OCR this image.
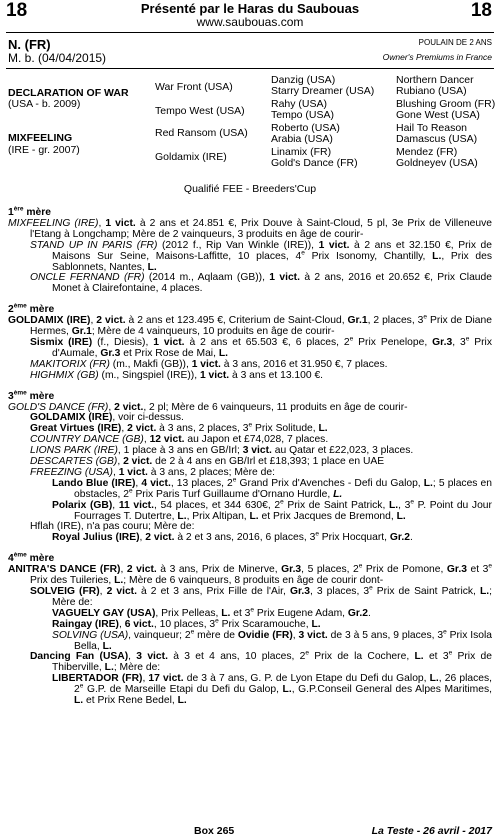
18	Présenté par le Haras du Saubouas
www.saubouas.com
18
N. (FR)
M. b. (04/04/2015)
POULAIN DE 2 ANS
Owner's Premiums in France
DECLARATION OF WAR
(USA - b. 2009)
MIXFEELING
(IRE - gr. 2007)
War Front (USA)
Tempo West (USA)
Red Ransom (USA)
Goldamix (IRE)
Danzig (USA)
Starry Dreamer (USA)
Rahy (USA)
Tempo (USA)
Roberto (USA)
Arabia (USA)
Linamix (FR)
Gold's Dance (FR)
Northern Dancer
Rubiano (USA)
Blushing Groom (FR)
Gone West (USA)
Hail To Reason
Damascus (USA)
Mendez (FR)
Goldneyev (USA)
Qualifié FEE - Breeders'Cup
1ère mère

MIXFEELING (IRE), 1 vict. à 2 ans et 24.851 €, Prix Douve à Saint-Cloud, 5 pl, 3e Prix de Villeneuve l'Etang à Longchamp; Mère de 2 vainqueurs, 3 produits en âge de courir-

STAND UP IN PARIS (FR) (2012 f., Rip Van Winkle (IRE)), 1 vict. à 2 ans et 32.150 €, Prix de Maisons Sur Seine, Maisons-Laffitte, 10 places, 4e Prix Isonomy, Chantilly, L., Prix des Sablonnets, Nantes, L.

ONCLE FERNAND (FR) (2014 m., Aqlaam (GB)), 1 vict. à 2 ans, 2016 et 20.652 €, Prix Claude Monet à Clairefontaine, 4 places.

2ème mère

GOLDAMIX (IRE), 2 vict. à 2 ans et 123.495 €, Criterium de Saint-Cloud, Gr.1, 2 places, 3e Prix de Diane Hermes, Gr.1; Mère de 4 vainqueurs, 10 produits en âge de courir-

Sismix (IRE) (f., Diesis), 1 vict. à 2 ans et 65.503 €, 6 places, 2e Prix Penelope, Gr.3, 3e Prix d'Aumale, Gr.3 et Prix Rose de Mai, L.

MAKITORIX (FR) (m., Makfi (GB)), 1 vict. à 3 ans, 2016 et 31.950 €, 7 places.

HIGHMIX (GB) (m., Singspiel (IRE)), 1 vict. à 3 ans et 13.100 €.

3ème mère

GOLD'S DANCE (FR), 2 vict., 2 pl; Mère de 6 vainqueurs, 11 produits en âge de courir-

GOLDAMIX (IRE), voir ci-dessus.

Great Virtues (IRE), 2 vict. à 3 ans, 2 places, 3e Prix Solitude, L.

COUNTRY DANCE (GB), 12 vict. au Japon et £74,028, 7 places.

LIONS PARK (IRE), 1 place à 3 ans en GB/Irl; 3 vict. au Qatar et £22,023, 3 places.

DESCARTES (GB), 2 vict. de 2 à 4 ans en GB/Irl et £18,393; 1 place en UAE

FREEZING (USA), 1 vict. à 3 ans, 2 places; Mère de:

Lando Blue (IRE), 4 vict., 13 places, 2e Grand Prix d'Avenches - Defi du Galop, L.; 5 places en obstacles, 2e Prix Paris Turf Guillaume d'Ornano Hurdle, L.

Polarix (GB), 11 vict., 54 places, et 344 630€, 2e Prix de Saint Patrick, L., 3e P. Point du Jour Fourrages T. Dutertre, L., Prix Altipan, L. et Prix Jacques de Bremond, L.

Hflah (IRE), n'a pas couru; Mère de:

Royal Julius (IRE), 2 vict. à 2 et 3 ans, 2016, 6 places, 3e Prix Hocquart, Gr.2.

4ème mère

ANITRA'S DANCE (FR), 2 vict. à 3 ans, Prix de Minerve, Gr.3, 5 places, 2e Prix de Pomone, Gr.3 et 3e Prix des Tuileries, L.; Mère de 6 vainqueurs, 8 produits en âge de courir dont-

SOLVEIG (FR), 2 vict. à 2 et 3 ans, Prix Fille de l'Air, Gr.3, 3 places, 3e Prix de Saint Patrick, L.; Mère de:

VAGUELY GAY (USA), Prix Pelleas, L. et 3e Prix Eugene Adam, Gr.2.

Raingay (IRE), 6 vict., 10 places, 3e Prix Scaramouche, L.

SOLVING (USA), vainqueur; 2e mère de Ovidie (FR), 3 vict. de 3 à 5 ans, 9 places, 3e Prix Isola Bella, L.

Dancing Fan (USA), 3 vict. à 3 et 4 ans, 10 places, 2e Prix de la Cochere, L. et 3e Prix de Thiberville, L.; Mère de:

LIBERTADOR (FR), 17 vict. de 3 à 7 ans, G. P. de Lyon Etape du Defi du Galop, L., 26 places, 2e G.P. de Marseille Etapi du Defi du Galop, L., G.P.Conseil General des Alpes Maritimes, L. et Prix Rene Bedel, L.

Box 265	La Teste - 26 avril - 2017
